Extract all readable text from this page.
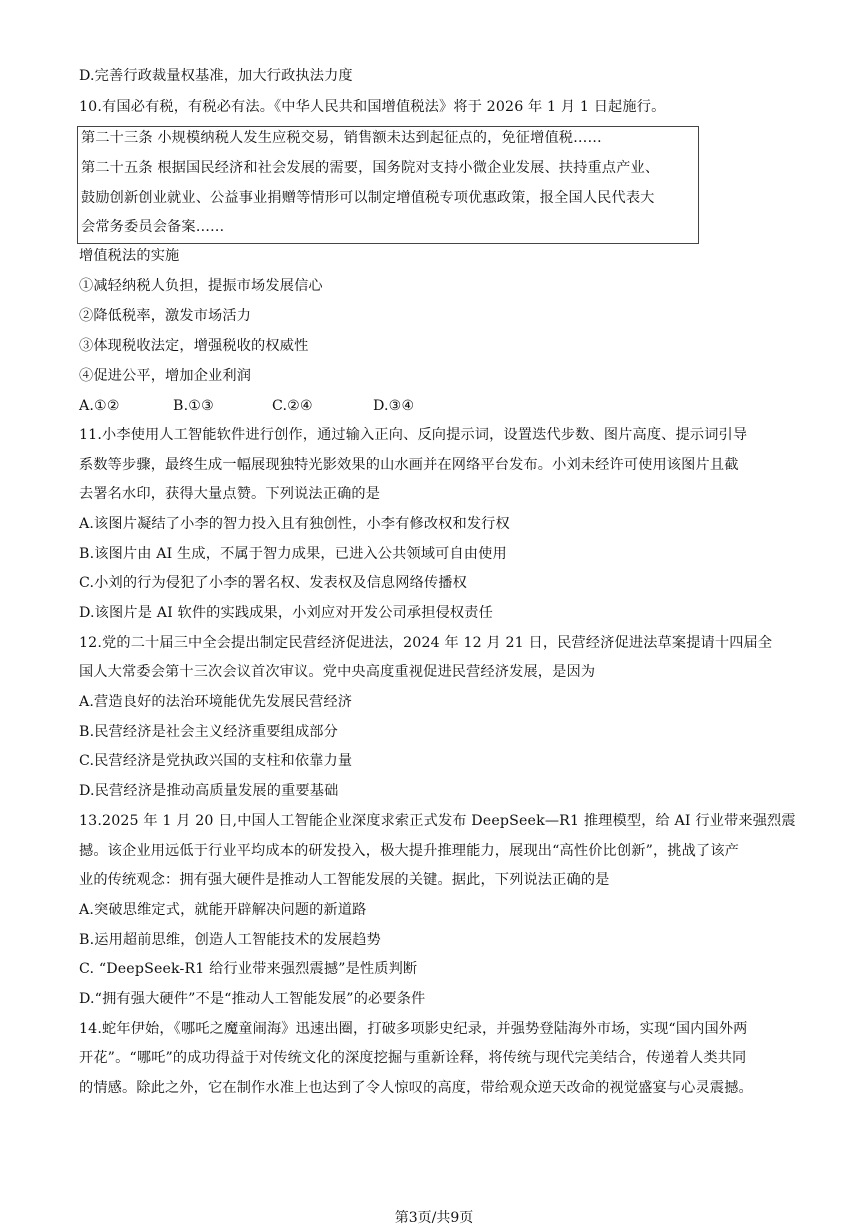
D.完善行政裁量权基准，加大行政执法力度
10.有国必有税，有税必有法。《中华人民共和国增值税法》将于 2026 年 1 月 1 日起施行。
第二十三条 小规模纳税人发生应税交易，销售额未达到起征点的，免征增值税……
第二十五条 根据国民经济和社会发展的需要，国务院对支持小微企业发展、扶持重点产业、
鼓励创新创业就业、公益事业捐赠等情形可以制定增值税专项优惠政策，报全国人民代表大
会常务委员会备案……
增值税法的实施
①减轻纳税人负担，提振市场发展信心
②降低税率，激发市场活力
③体现税收法定，增强税收的权威性
④促进公平，增加企业利润
A.①②	B.①③	C.②④	D.③④
11.小李使用人工智能软件进行创作，通过输入正向、反向提示词，设置迭代步数、图片高度、提示词引导
系数等步骤，最终生成一幅展现独特光影效果的山水画并在网络平台发布。小刘未经许可使用该图片且截
去署名水印，获得大量点赞。下列说法正确的是
A.该图片凝结了小李的智力投入且有独创性，小李有修改权和发行权
B.该图片由 AI 生成，不属于智力成果，已进入公共领域可自由使用
C.小刘的行为侵犯了小李的署名权、发表权及信息网络传播权
D.该图片是 AI 软件的实践成果，小刘应对开发公司承担侵权责任
12.党的二十届三中全会提出制定民营经济促进法，2024 年 12 月 21 日，民营经济促进法草案提请十四届全
国人大常委会第十三次会议首次审议。党中央高度重视促进民营经济发展，是因为
A.营造良好的法治环境能优先发展民营经济
B.民营经济是社会主义经济重要组成部分
C.民营经济是党执政兴国的支柱和依靠力量
D.民营经济是推动高质量发展的重要基础
13.2025 年 1 月 20 日,中国人工智能企业深度求索正式发布 DeepSeek—R1 推理模型，给 AI 行业带来强烈震
撼。该企业用远低于行业平均成本的研发投入，极大提升推理能力，展现出“高性价比创新”，挑战了该产
业的传统观念：拥有强大硬件是推动人工智能发展的关键。据此，下列说法正确的是
A.突破思维定式，就能开辟解决问题的新道路
B.运用超前思维，创造人工智能技术的发展趋势
C. “DeepSeek-R1 给行业带来强烈震撼”是性质判断
D.“拥有强大硬件”不是“推动人工智能发展”的必要条件
14.蛇年伊始，《哪吒之魔童闹海》迅速出圈，打破多项影史纪录，并强势登陆海外市场，实现“国内国外两
开花”。“哪吒”的成功得益于对传统文化的深度挖掘与重新诠释，将传统与现代完美结合，传递着人类共同
的情感。除此之外，它在制作水准上也达到了令人惊叹的高度，带给观众逆天改命的视觉盛宴与心灵震撼。
第3页/共9页
